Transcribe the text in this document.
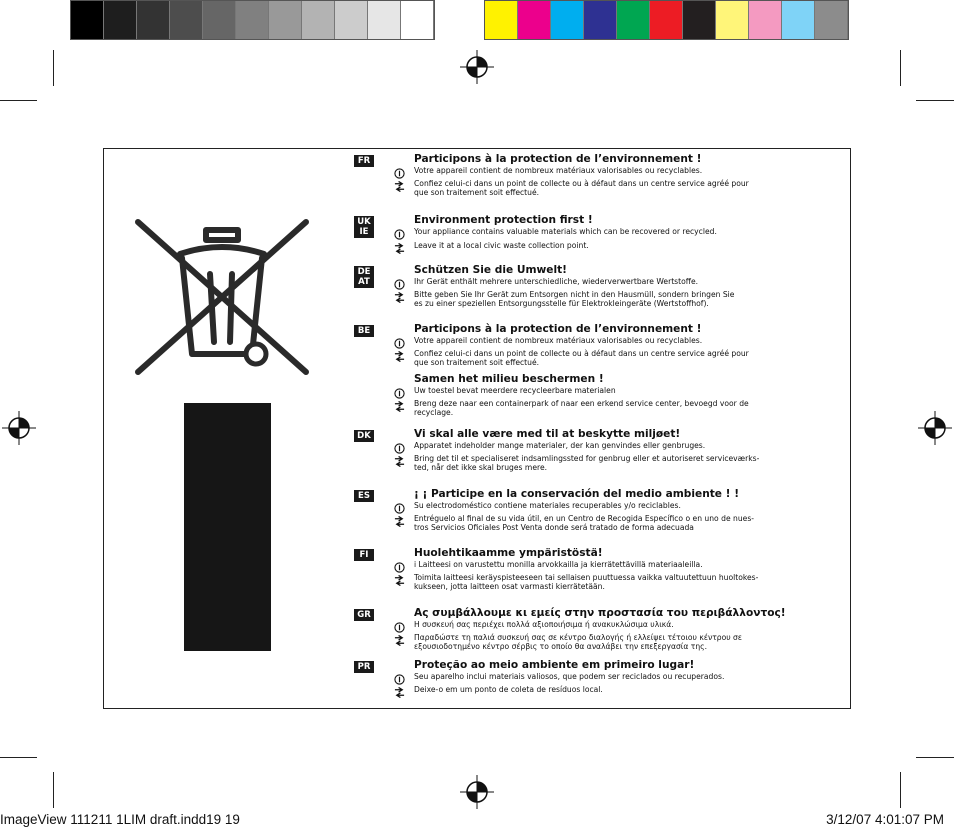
FR	Participons à la protection de l’environnement !
Votre appareil contient de nombreux matériaux valorisables ou recyclables.
Confiez celui-ci dans un point de collecte ou à défaut dans un centre service agréé pour
que son traitement soit effectué.
UK
IE
Environment protection first !
Your appliance contains valuable materials which can be recovered or recycled.
Leave it at a local civic waste collection point.
DE
AT
Schützen Sie die Umwelt!
Ihr Gerät enthält mehrere unterschiedliche, wiederverwertbare Wertstoffe.
Bitte geben Sie Ihr Gerät zum Entsorgen nicht in den Hausmüll, sondern bringen Sie
es zu einer speziellen Entsorgungsstelle für Elektrokleingeräte (Wertstoffhof).
BE	Participons à la protection de l’environnement !
Votre appareil contient de nombreux matériaux valorisables ou recyclables.
Confiez celui-ci dans un point de collecte ou à défaut dans un centre service agréé pour
que son traitement soit effectué.
Samen het milieu beschermen !
Uw toestel bevat meerdere recycleerbare materialen
Breng deze naar een containerpark of naar een erkend service center, bevoegd voor de
recyclage.
DK	Vi skal alle være med til at beskytte miljøet!
Apparatet indeholder mange materialer, der kan genvindes eller genbruges.
Bring det til et specialiseret indsamlingssted for genbrug eller et autoriseret serviceværks-
ted, når det ikke skal bruges mere.
ES	¡ ¡ Participe en la conservación del medio ambiente ! !
Su electrodoméstico contiene materiales recuperables y/o reciclables.
Entréguelo al final de su vida útil, en un Centro de Recogida Específico o en uno de nues-
tros Servicios Oficiales Post Venta donde será tratado de forma adecuada
FI	Huolehtikaamme ympäristöstä!
i Laitteesi on varustettu monilla arvokkailla ja kierrätettävillä materiaaleilla.
Toimita laitteesi keräyspisteeseen tai sellaisen puuttuessa vaikka valtuutettuun huoltokes-
kukseen, jotta laitteen osat varmasti kierrätetään.
GR	Ας συμβάλλουμε κι εμείς στην προστασία του περιβάλλοντος!
Η συσκευή σας περιέχει πολλά αξιοποιήσιμα ή ανακυκλώσιμα υλικά.
Παραδώστε τη παλιά συσκευή σας σε κέντρο διαλογής ή ελλείψει τέτοιου κέντρου σε
εξουσιοδοτημένο κέντρο σέρβις το οποίο θα αναλάβει την επεξεργασία της.
PR	Proteção ao meio ambiente em primeiro lugar!
Seu aparelho inclui materiais valiosos, que podem ser reciclados ou recuperados.
Deixe-o em um ponto de coleta de resíduos local.
ImageView 111211 1LIM draft.indd19 19	3/12/07 4:01:07 PM
